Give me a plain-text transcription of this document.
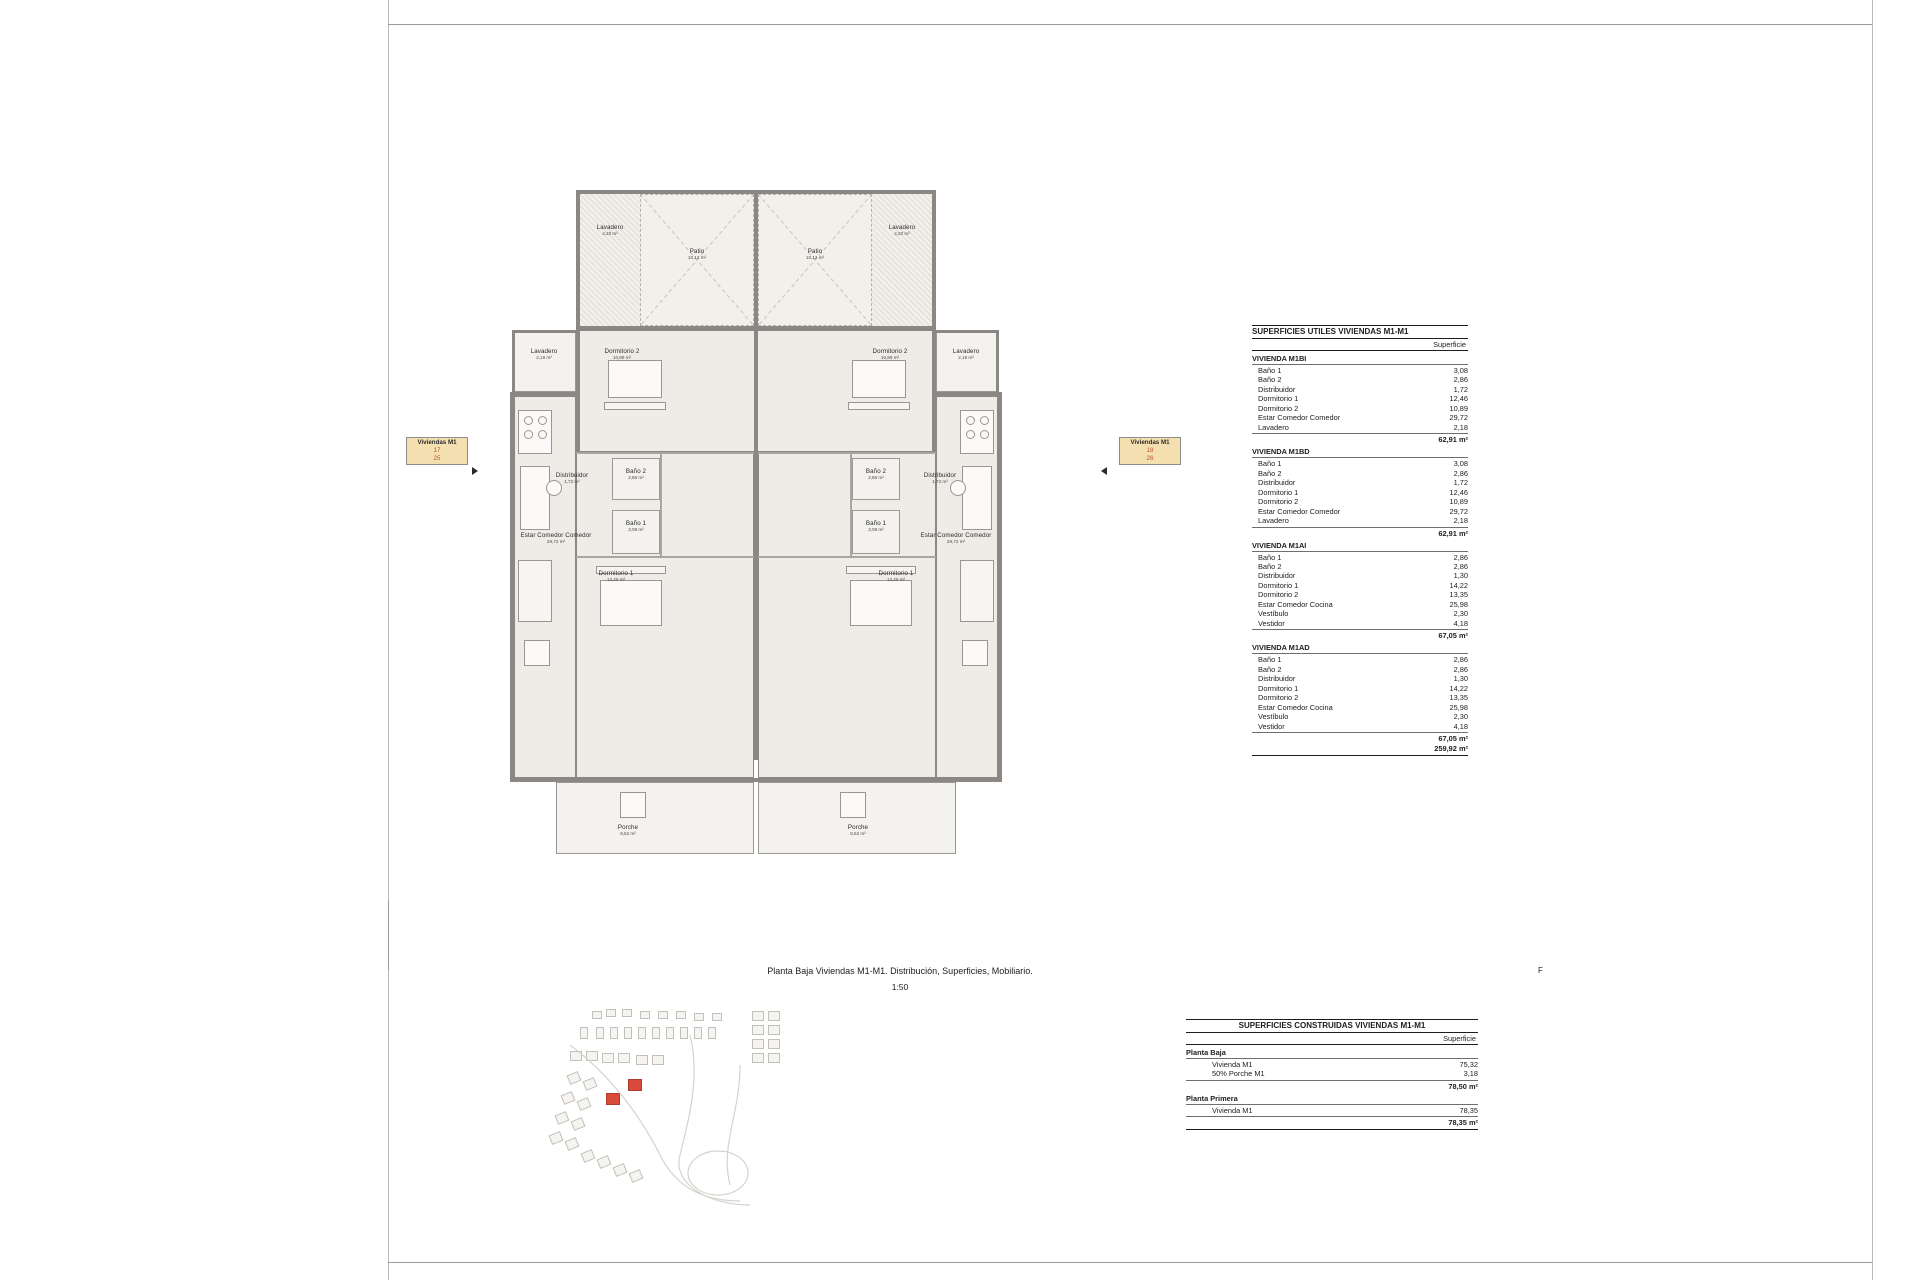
Lavadero
4,20 m²
Lavadero
4,20 m²
Patio
10,12 m²
Patio
10,12 m²
Lavadero
2,18 m²
Lavadero
2,18 m²
Dormitorio 2
10,89 m²
Dormitorio 2
10,89 m²
Baño 2
2,86 m²
Baño 2
2,86 m²
Baño 1
3,08 m²
Baño 1
3,08 m²
Distribuidor
1,72 m²
Distribuidor
1,72 m²
Dormitorio 1
12,46 m²
Dormitorio 1
12,46 m²
Estar Comedor Comedor
29,72 m²
Estar Comedor Comedor
29,72 m²
Porche
8,52 m²
Porche
8,52 m²
Viviendas M1
17
25
Viviendas M1
18
26
Planta Baja Viviendas M1-M1. Distribución, Superficies, Mobiliario.
1:50
F
SUPERFICIES UTILES VIVIENDAS M1-M1
Superficie
VIVIENDA M1BI
Baño 1	3,08
Baño 2	2,86
Distribuidor	1,72
Dormitorio 1	12,46
Dormitorio 2	10,89
Estar Comedor Comedor	29,72
Lavadero	2,18
62,91 m²
VIVIENDA M1BD
Baño 1	3,08
Baño 2	2,86
Distribuidor	1,72
Dormitorio 1	12,46
Dormitorio 2	10,89
Estar Comedor Comedor	29,72
Lavadero	2,18
62,91 m²
VIVIENDA M1AI
Baño 1	2,86
Baño 2	2,86
Distribuidor	1,30
Dormitorio 1	14,22
Dormitorio 2	13,35
Estar Comedor Cocina	25,98
Vestíbulo	2,30
Vestidor	4,18
67,05 m²
VIVIENDA M1AD
Baño 1	2,86
Baño 2	2,86
Distribuidor	1,30
Dormitorio 1	14,22
Dormitorio 2	13,35
Estar Comedor Cocina	25,98
Vestíbulo	2,30
Vestidor	4,18
67,05 m²
259,92 m²
SUPERFICIES CONSTRUIDAS VIVIENDAS M1-M1
Superficie
Planta Baja
Vivienda M1	75,32
50% Porche M1	3,18
78,50 m²
Planta Primera
Vivienda M1	78,35
78,35 m²
